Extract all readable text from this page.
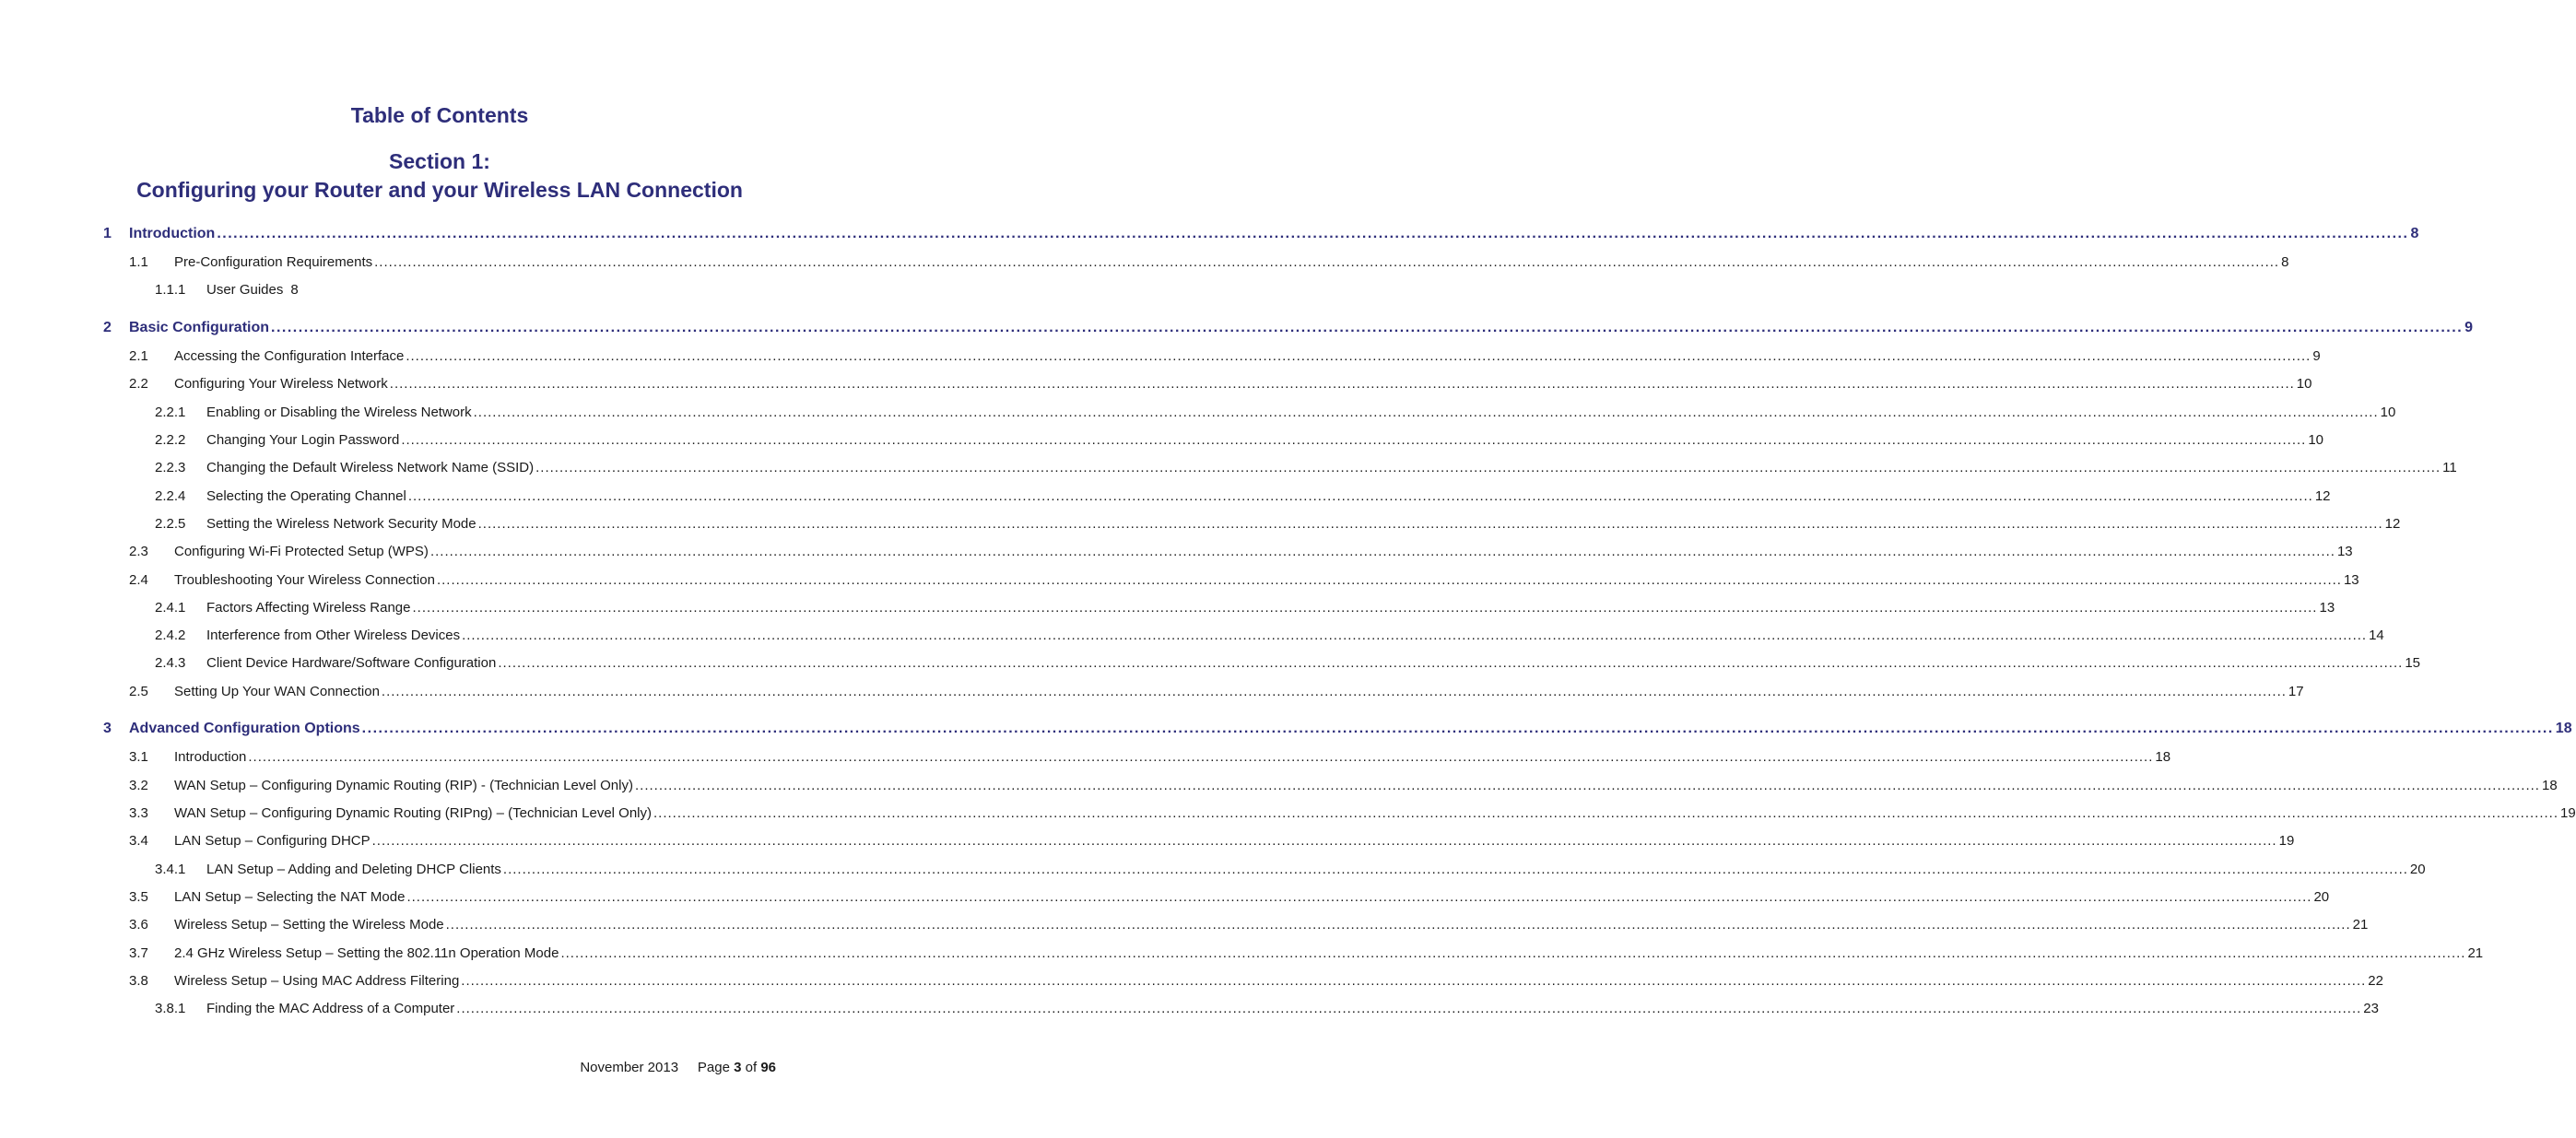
Table of Contents
Section 1:
Configuring your Router and your Wireless LAN Connection
1 Introduction ................................................................................................................................................................................................................................................................................................................................................................................................................ 8
1.1 Pre-Configuration Requirements ................................................................................................................................................................................................................................................................................................................................................................................................................ 8
1.1.1 User Guides 8
2 Basic Configuration ................................................................................................................................................................................................................................................................................................................................................................................................................ 9
2.1 Accessing the Configuration Interface ................................................................................................................................................................................................................................................................................................................................................................................................................ 9
2.2 Configuring Your Wireless Network ................................................................................................................................................................................................................................................................................................................................................................................................................ 10
2.2.1 Enabling or Disabling the Wireless Network ................................................................................................................................................................................................................................................................................................................................................................................................................ 10
2.2.2 Changing Your Login Password ................................................................................................................................................................................................................................................................................................................................................................................................................ 10
2.2.3 Changing the Default Wireless Network Name (SSID) ................................................................................................................................................................................................................................................................................................................................................................................................................ 11
2.2.4 Selecting the Operating Channel ................................................................................................................................................................................................................................................................................................................................................................................................................ 12
2.2.5 Setting the Wireless Network Security Mode ................................................................................................................................................................................................................................................................................................................................................................................................................ 12
2.3 Configuring Wi-Fi Protected Setup (WPS) ................................................................................................................................................................................................................................................................................................................................................................................................................ 13
2.4 Troubleshooting Your Wireless Connection ................................................................................................................................................................................................................................................................................................................................................................................................................ 13
2.4.1 Factors Affecting Wireless Range ................................................................................................................................................................................................................................................................................................................................................................................................................ 13
2.4.2 Interference from Other Wireless Devices ................................................................................................................................................................................................................................................................................................................................................................................................................ 14
2.4.3 Client Device Hardware/Software Configuration ................................................................................................................................................................................................................................................................................................................................................................................................................ 15
2.5 Setting Up Your WAN Connection ................................................................................................................................................................................................................................................................................................................................................................................................................ 17
3 Advanced Configuration Options ................................................................................................................................................................................................................................................................................................................................................................................................................ 18
3.1 Introduction ................................................................................................................................................................................................................................................................................................................................................................................................................ 18
3.2 WAN Setup – Configuring Dynamic Routing (RIP) - (Technician Level Only) ................................................................................................................................................................................................................................................................................................................................................................................................................ 18
3.3 WAN Setup – Configuring Dynamic Routing (RIPng) – (Technician Level Only) ................................................................................................................................................................................................................................................................................................................................................................................................................ 19
3.4 LAN Setup – Configuring DHCP ................................................................................................................................................................................................................................................................................................................................................................................................................ 19
3.4.1 LAN Setup – Adding and Deleting DHCP Clients ................................................................................................................................................................................................................................................................................................................................................................................................................ 20
3.5 LAN Setup – Selecting the NAT Mode ................................................................................................................................................................................................................................................................................................................................................................................................................ 20
3.6 Wireless Setup – Setting the Wireless Mode ................................................................................................................................................................................................................................................................................................................................................................................................................ 21
3.7 2.4 GHz Wireless Setup – Setting the 802.11n Operation Mode ................................................................................................................................................................................................................................................................................................................................................................................................................ 21
3.8 Wireless Setup – Using MAC Address Filtering ................................................................................................................................................................................................................................................................................................................................................................................................................ 22
3.8.1 Finding the MAC Address of a Computer ................................................................................................................................................................................................................................................................................................................................................................................................................ 23
November 2013 Page 3 of 96
